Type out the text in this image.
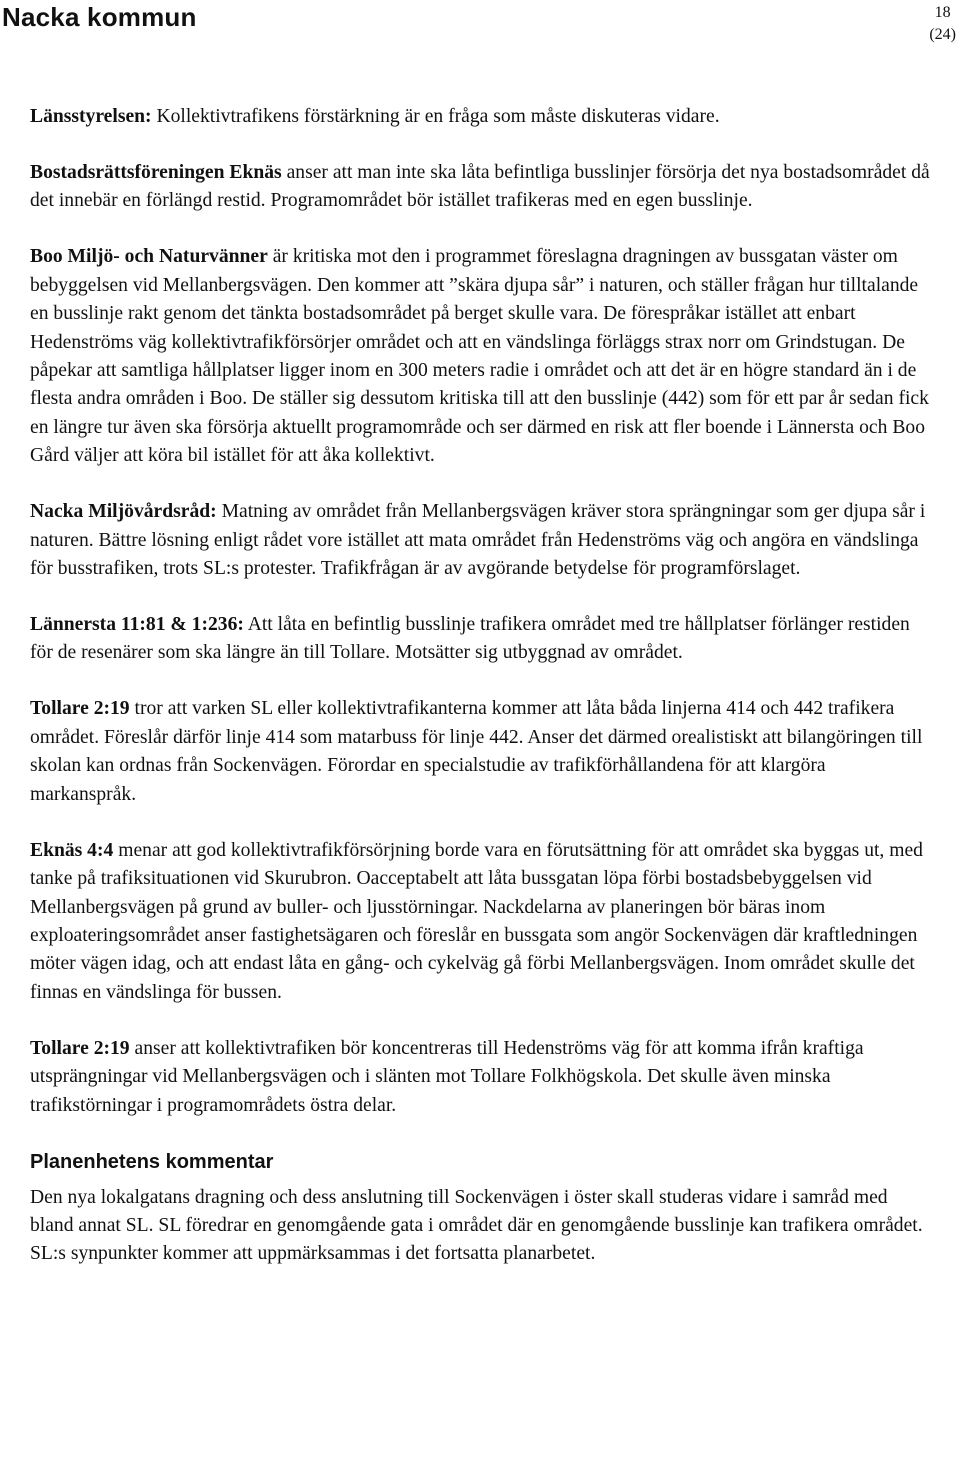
Nacka kommun	18
(24)

Länsstyrelsen: Kollektivtrafikens förstärkning är en fråga som måste diskuteras vidare.

Bostadsrättsföreningen Eknäs anser att man inte ska låta befintliga busslinjer försörja det nya bostadsområdet då det innebär en förlängd restid. Programområdet bör istället trafikeras med en egen busslinje.

Boo Miljö- och Naturvänner är kritiska mot den i programmet föreslagna dragningen av bussgatan väster om bebyggelsen vid Mellanbergsvägen. Den kommer att ”skära djupa sår” i naturen, och ställer frågan hur tilltalande en busslinje rakt genom det tänkta bostadsområdet på berget skulle vara. De förespråkar istället att enbart Hedenströms väg kollektivtrafikförsörjer området och att en vändslinga förläggs strax norr om Grindstugan. De påpekar att samtliga hållplatser ligger inom en 300 meters radie i området och att det är en högre standard än i de flesta andra områden i Boo. De ställer sig dessutom kritiska till att den busslinje (442) som för ett par år sedan fick en längre tur även ska försörja aktuellt programområde och ser därmed en risk att fler boende i Lännersta och Boo Gård väljer att köra bil istället för att åka kollektivt.

Nacka Miljövårdsråd: Matning av området från Mellanbergsvägen kräver stora sprängningar som ger djupa sår i naturen. Bättre lösning enligt rådet vore istället att mata området från Hedenströms väg och angöra en vändslinga för busstrafiken, trots SL:s protester. Trafikfrågan är av avgörande betydelse för programförslaget.

Lännersta 11:81 & 1:236: Att låta en befintlig busslinje trafikera området med tre hållplatser förlänger restiden för de resenärer som ska längre än till Tollare. Motsätter sig utbyggnad av området.

Tollare 2:19 tror att varken SL eller kollektivtrafikanterna kommer att låta båda linjerna 414 och 442 trafikera området. Föreslår därför linje 414 som matarbuss för linje 442. Anser det därmed orealistiskt att bilangöringen till skolan kan ordnas från Sockenvägen. Förordar en specialstudie av trafikförhållandena för att klargöra markanspråk.

Eknäs 4:4 menar att god kollektivtrafikförsörjning borde vara en förutsättning för att området ska byggas ut, med tanke på trafiksituationen vid Skurubron. Oacceptabelt att låta bussgatan löpa förbi bostadsbebyggelsen vid Mellanbergsvägen på grund av buller- och ljusstörningar. Nackdelarna av planeringen bör bäras inom exploateringsområdet anser fastighetsägaren och föreslår en bussgata som angör Sockenvägen där kraftledningen möter vägen idag, och att endast låta en gång- och cykelväg gå förbi Mellanbergsvägen. Inom området skulle det finnas en vändslinga för bussen.

Tollare 2:19 anser att kollektivtrafiken bör koncentreras till Hedenströms väg för att komma ifrån kraftiga utsprängningar vid Mellanbergsvägen och i slänten mot Tollare Folkhögskola. Det skulle även minska trafikstörningar i programområdets östra delar.

Planenhetens kommentar

Den nya lokalgatans dragning och dess anslutning till Sockenvägen i öster skall studeras vidare i samråd med bland annat SL. SL föredrar en genomgående gata i området där en genomgående busslinje kan trafikera området. SL:s synpunkter kommer att uppmärksammas i det fortsatta planarbetet.
